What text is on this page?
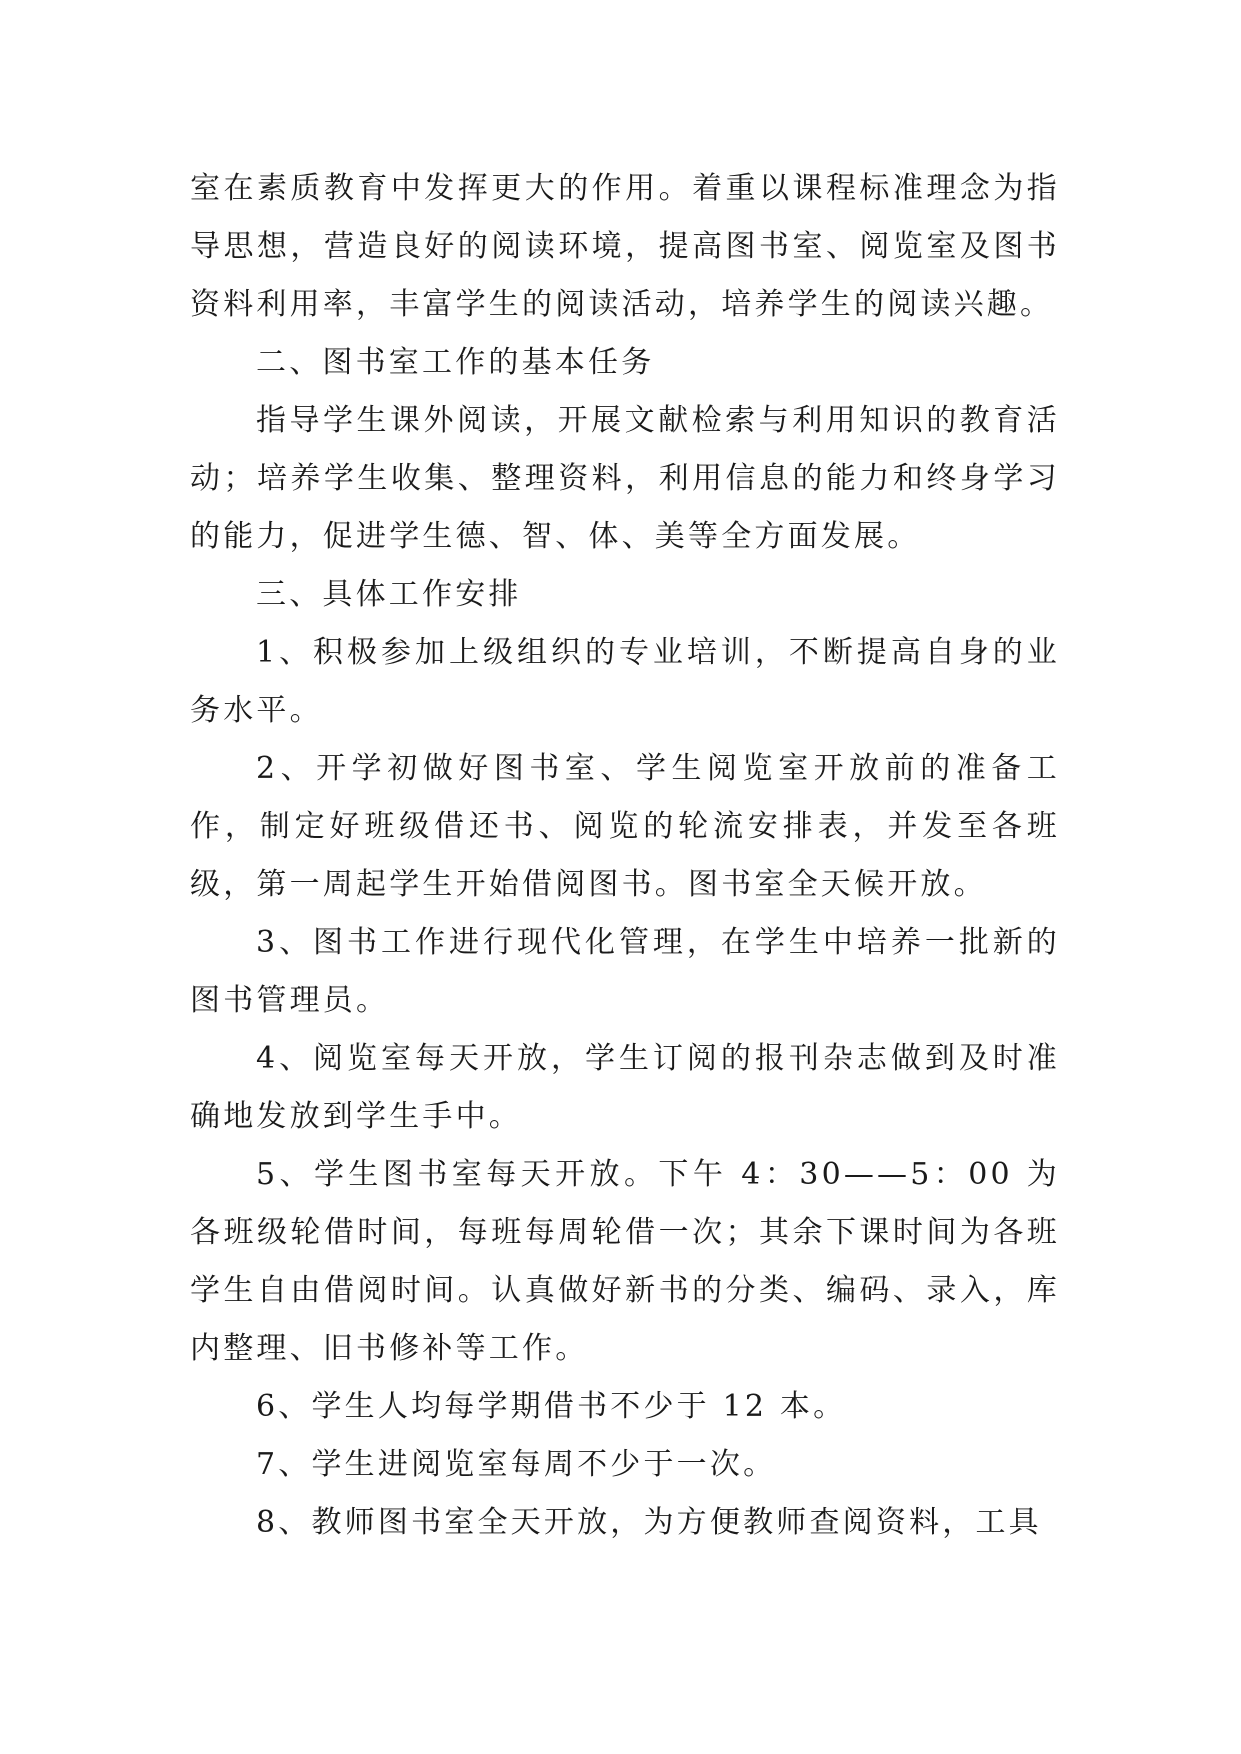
室在素质教育中发挥更大的作用。着重以课程标准理念为指导思想，营造良好的阅读环境，提高图书室、阅览室及图书资料利用率，丰富学生的阅读活动，培养学生的阅读兴趣。

二、图书室工作的基本任务

指导学生课外阅读，开展文献检索与利用知识的教育活动；培养学生收集、整理资料，利用信息的能力和终身学习的能力，促进学生德、智、体、美等全方面发展。

三、具体工作安排

1、积极参加上级组织的专业培训，不断提高自身的业务水平。

2、开学初做好图书室、学生阅览室开放前的准备工作，制定好班级借还书、阅览的轮流安排表，并发至各班级，第一周起学生开始借阅图书。图书室全天候开放。

3、图书工作进行现代化管理，在学生中培养一批新的图书管理员。

4、阅览室每天开放，学生订阅的报刊杂志做到及时准确地发放到学生手中。

5、学生图书室每天开放。下午 4：30——5：00 为各班级轮借时间，每班每周轮借一次；其余下课时间为各班学生自由借阅时间。认真做好新书的分类、编码、录入，库内整理、旧书修补等工作。

6、学生人均每学期借书不少于 12 本。

7、学生进阅览室每周不少于一次。

8、教师图书室全天开放，为方便教师查阅资料，工具
